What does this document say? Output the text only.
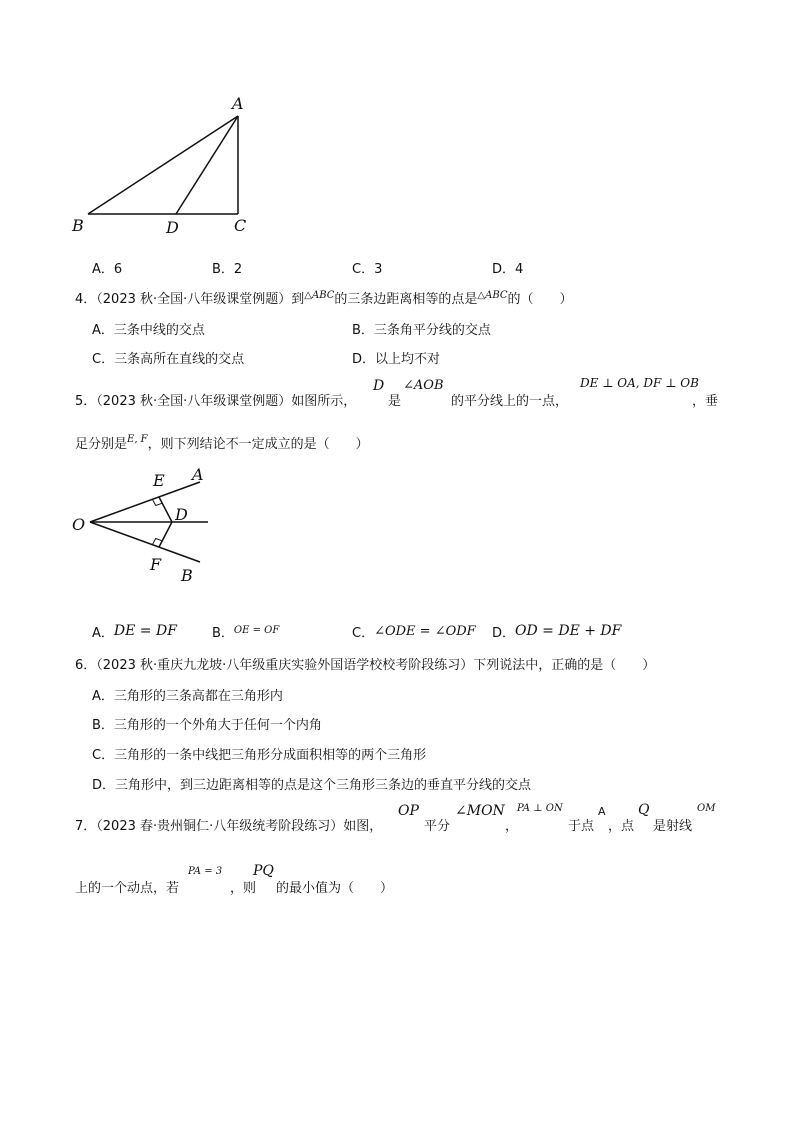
A
B	C
D
A．6	B．2	C．3	D．4
4．（2023 秋·全国·八年级课堂例题）到$^{\triangle ABC}$的三条边距离相等的点是$^{\triangle ABC}$的（　　）
A．三条中线的交点	B．三条角平分线的交点
C．三条高所在直线的交点	D．以上均不对
5．（2023 秋·全国·八年级课堂例题）如图所示，
D
是
∠AOB
的平分线上的一点，
DE ⊥ OA, DF ⊥ OB
，垂
足分别是$^{E, F}$，则下列结论不一定成立的是（　　）
O
E A
D
F
B
A．DE = DF	B．$^{OE = OF}$	C．∠ODE = ∠ODF D．OD = DE + DF
6．（2023 秋·重庆九龙坡·八年级重庆实验外国语学校校考阶段练习）下列说法中，正确的是（　　）
A．三角形的三条高都在三角形内
B．三角形的一个外角大于任何一个内角
C．三角形的一条中线把三角形分成面积相等的两个三角形
D．三角形中，到三边距离相等的点是这个三角形三条边的垂直平分线的交点
7．（2023 春·贵州铜仁·八年级统考阶段练习）如图，
OP
平分
∠MON
，
PA ⊥ ON
于点
A
，点
Q
是射线
OM
上的一个动点，若
PA = 3
，则
PQ
的最小值为（　　）
